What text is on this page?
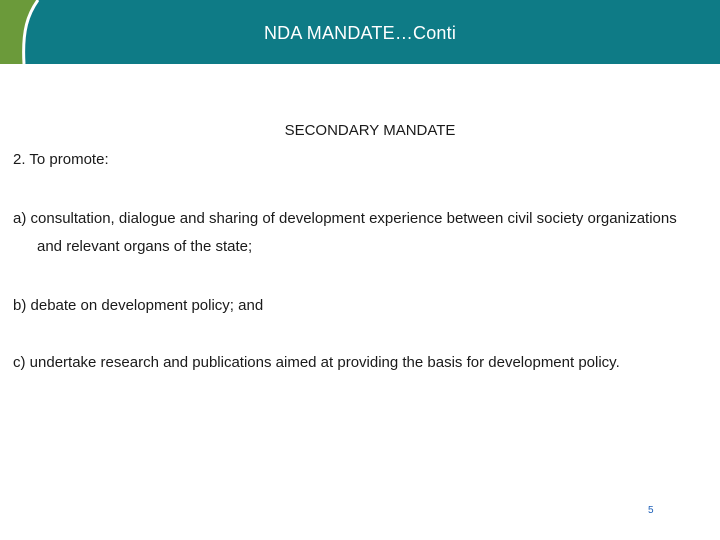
NDA MANDATE…Conti
SECONDARY MANDATE
2. To promote:
a) consultation, dialogue and sharing of development experience between civil society organizations and relevant organs of the state;
b) debate on development policy; and
c) undertake research and publications aimed at providing the basis for development policy.
5
